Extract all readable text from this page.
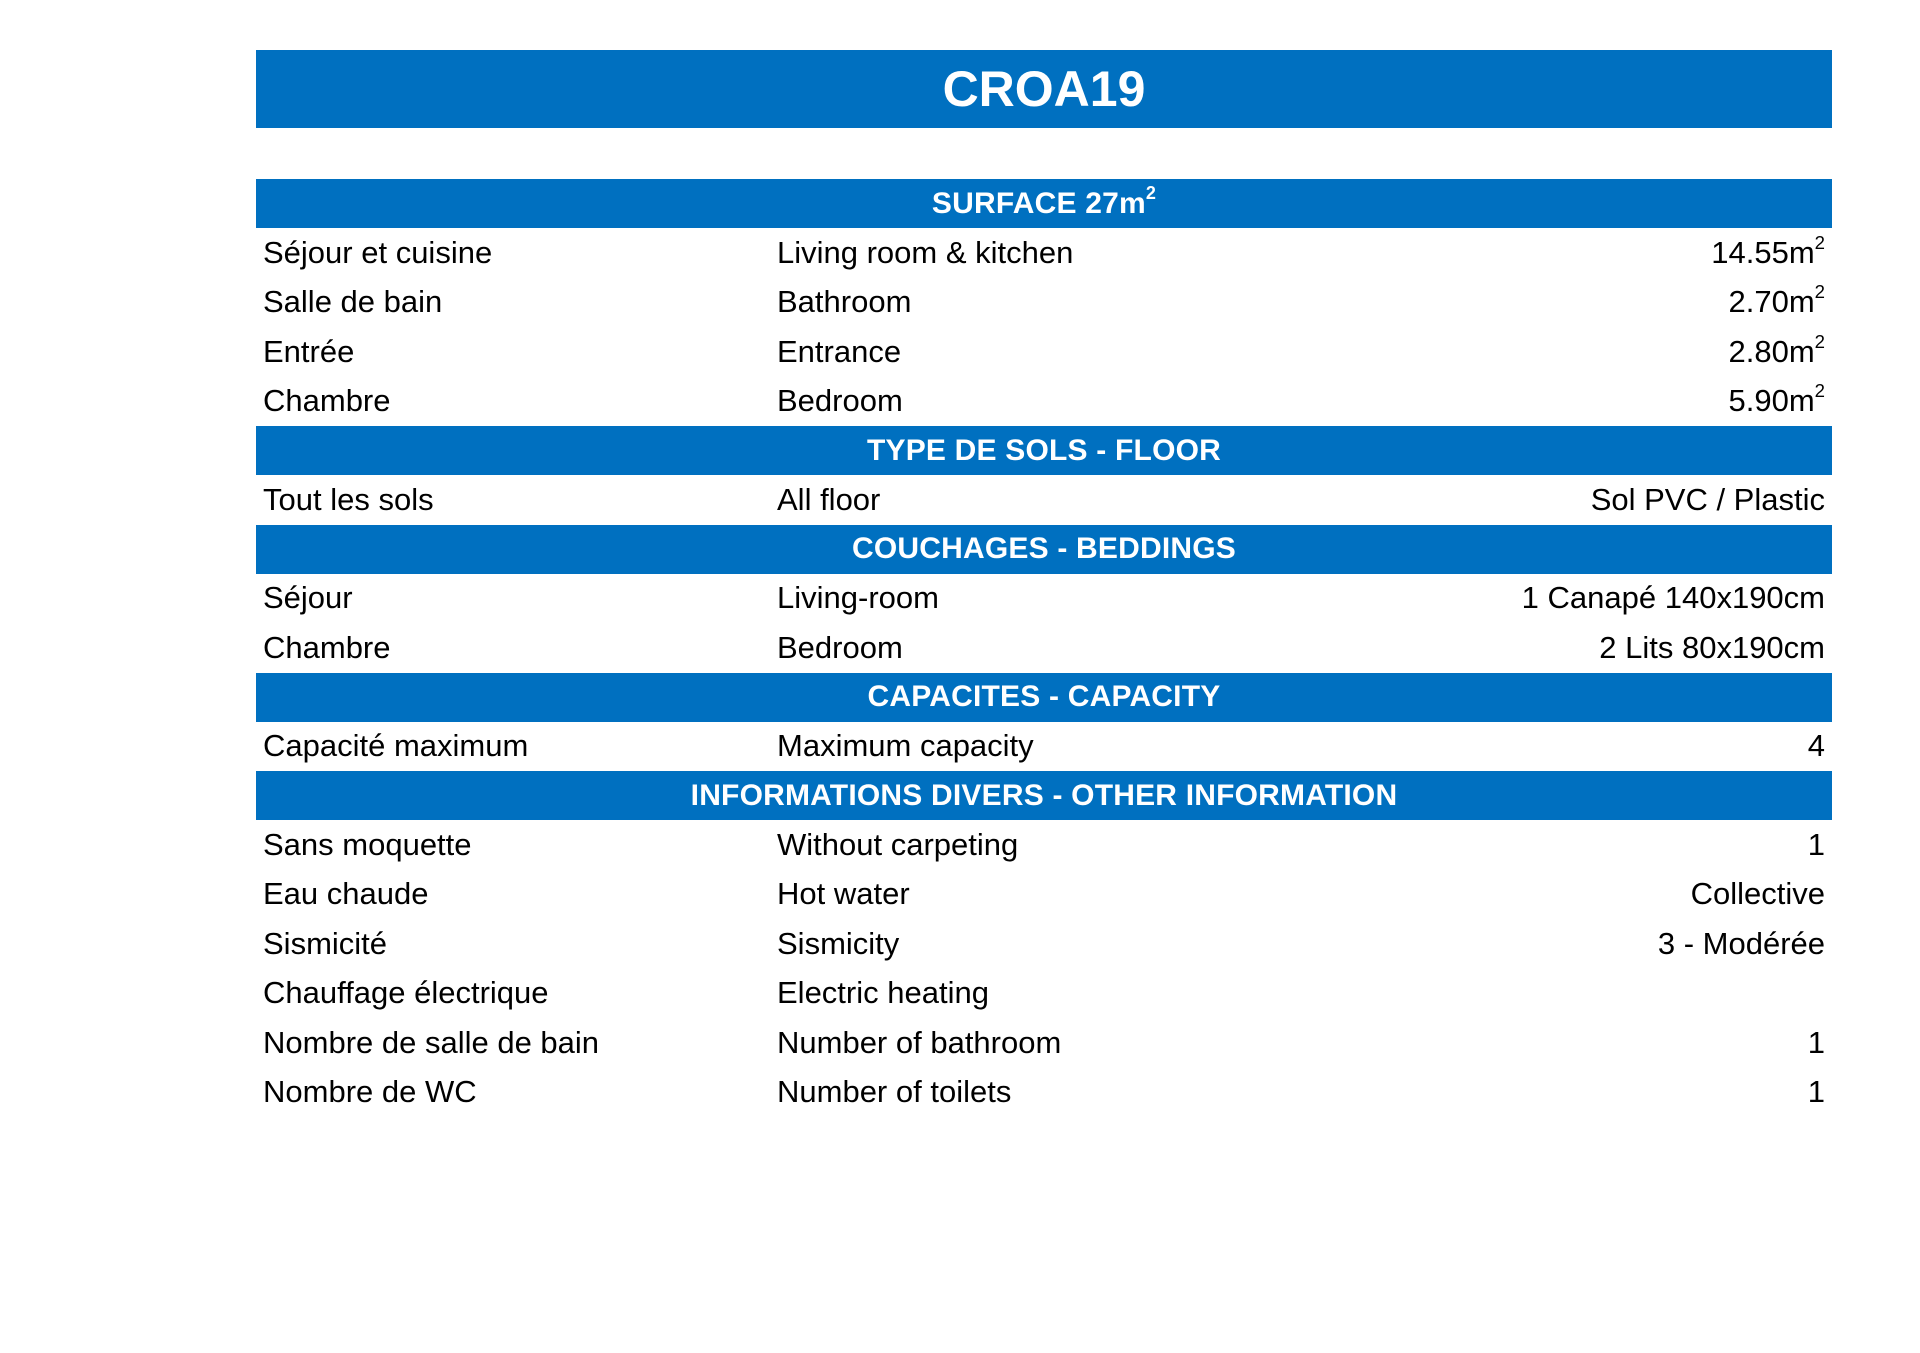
CROA19
SURFACE $27m^2$
Séjour et cuisine	Living room & kitchen	$14.55m^2$
Salle de bain	Bathroom	$2.70m^2$
Entrée	Entrance	$2.80m^2$
Chambre	Bedroom	$5.90m^2$
TYPE DE SOLS - FLOOR
Tout les sols	All floor	Sol PVC / Plastic
COUCHAGES - BEDDINGS
Séjour	Living-room	1 Canapé 140x190cm
Chambre	Bedroom	2 Lits 80x190cm
CAPACITES - CAPACITY
Capacité maximum	Maximum capacity	4
INFORMATIONS DIVERS - OTHER INFORMATION
Sans moquette	Without carpeting	1
Eau chaude	Hot water	Collective
Sismicité	Sismicity	3 - Modérée
Chauffage électrique	Electric heating
Nombre de salle de bain	Number of bathroom	1
Nombre de WC	Number of toilets	1
